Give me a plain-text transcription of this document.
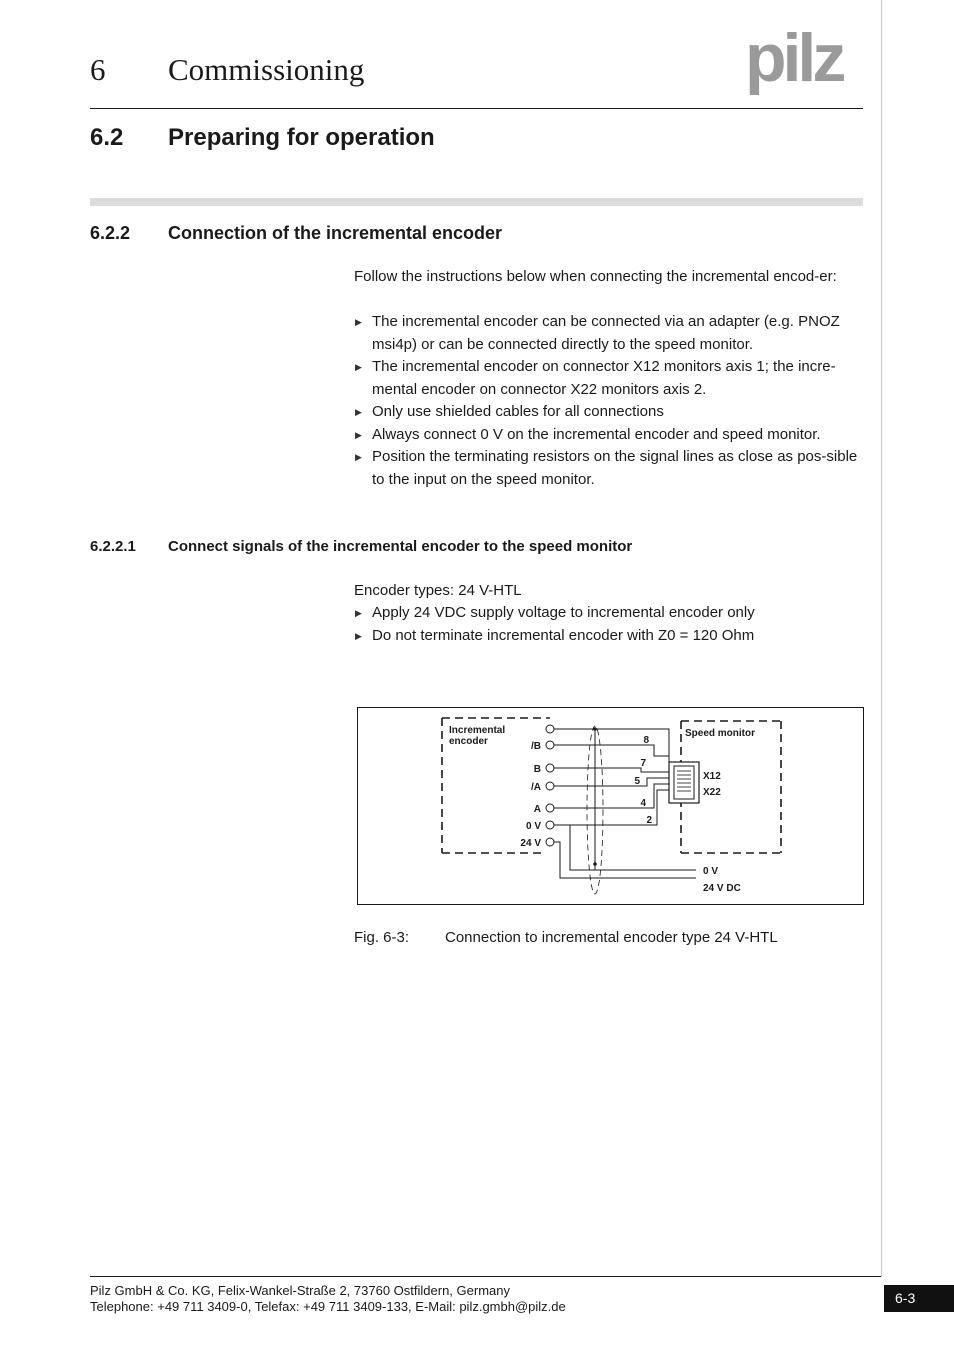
6 Commissioning	pilz
6.2 Preparing for operation
6.2.2 Connection of the incremental encoder
Follow the instructions below when connecting the incremental encod-er:
▶ The incremental encoder can be connected via an adapter (e.g. PNOZ msi4p) or can be connected directly to the speed monitor.
▶ The incremental encoder on connector X12 monitors axis 1; the incre-mental encoder on connector X22 monitors axis 2.
▶ Only use shielded cables for all connections
▶ Always connect 0 V on the incremental encoder and speed monitor.
▶ Position the terminating resistors on the signal lines as close as pos-sible to the input on the speed monitor.
6.2.2.1 Connect signals of the incremental encoder to the speed monitor
Encoder types: 24 V-HTL
▶ Apply 24 VDC supply voltage to incremental encoder only
▶ Do not terminate incremental encoder with Z0 = 120 Ohm
Incremental
encoder
Speed monitor
/B
B
/A
A
0 V
24 V
8
7
5
4
2
X12
X22
0 V
24 V DC
Fig. 6-3: Connection to incremental encoder type 24 V-HTL
Pilz GmbH & Co. KG, Felix-Wankel-Straße 2, 73760 Ostfildern, Germany
Telephone: +49 711 3409-0, Telefax: +49 711 3409-133, E-Mail: pilz.gmbh@pilz.de
6-3
